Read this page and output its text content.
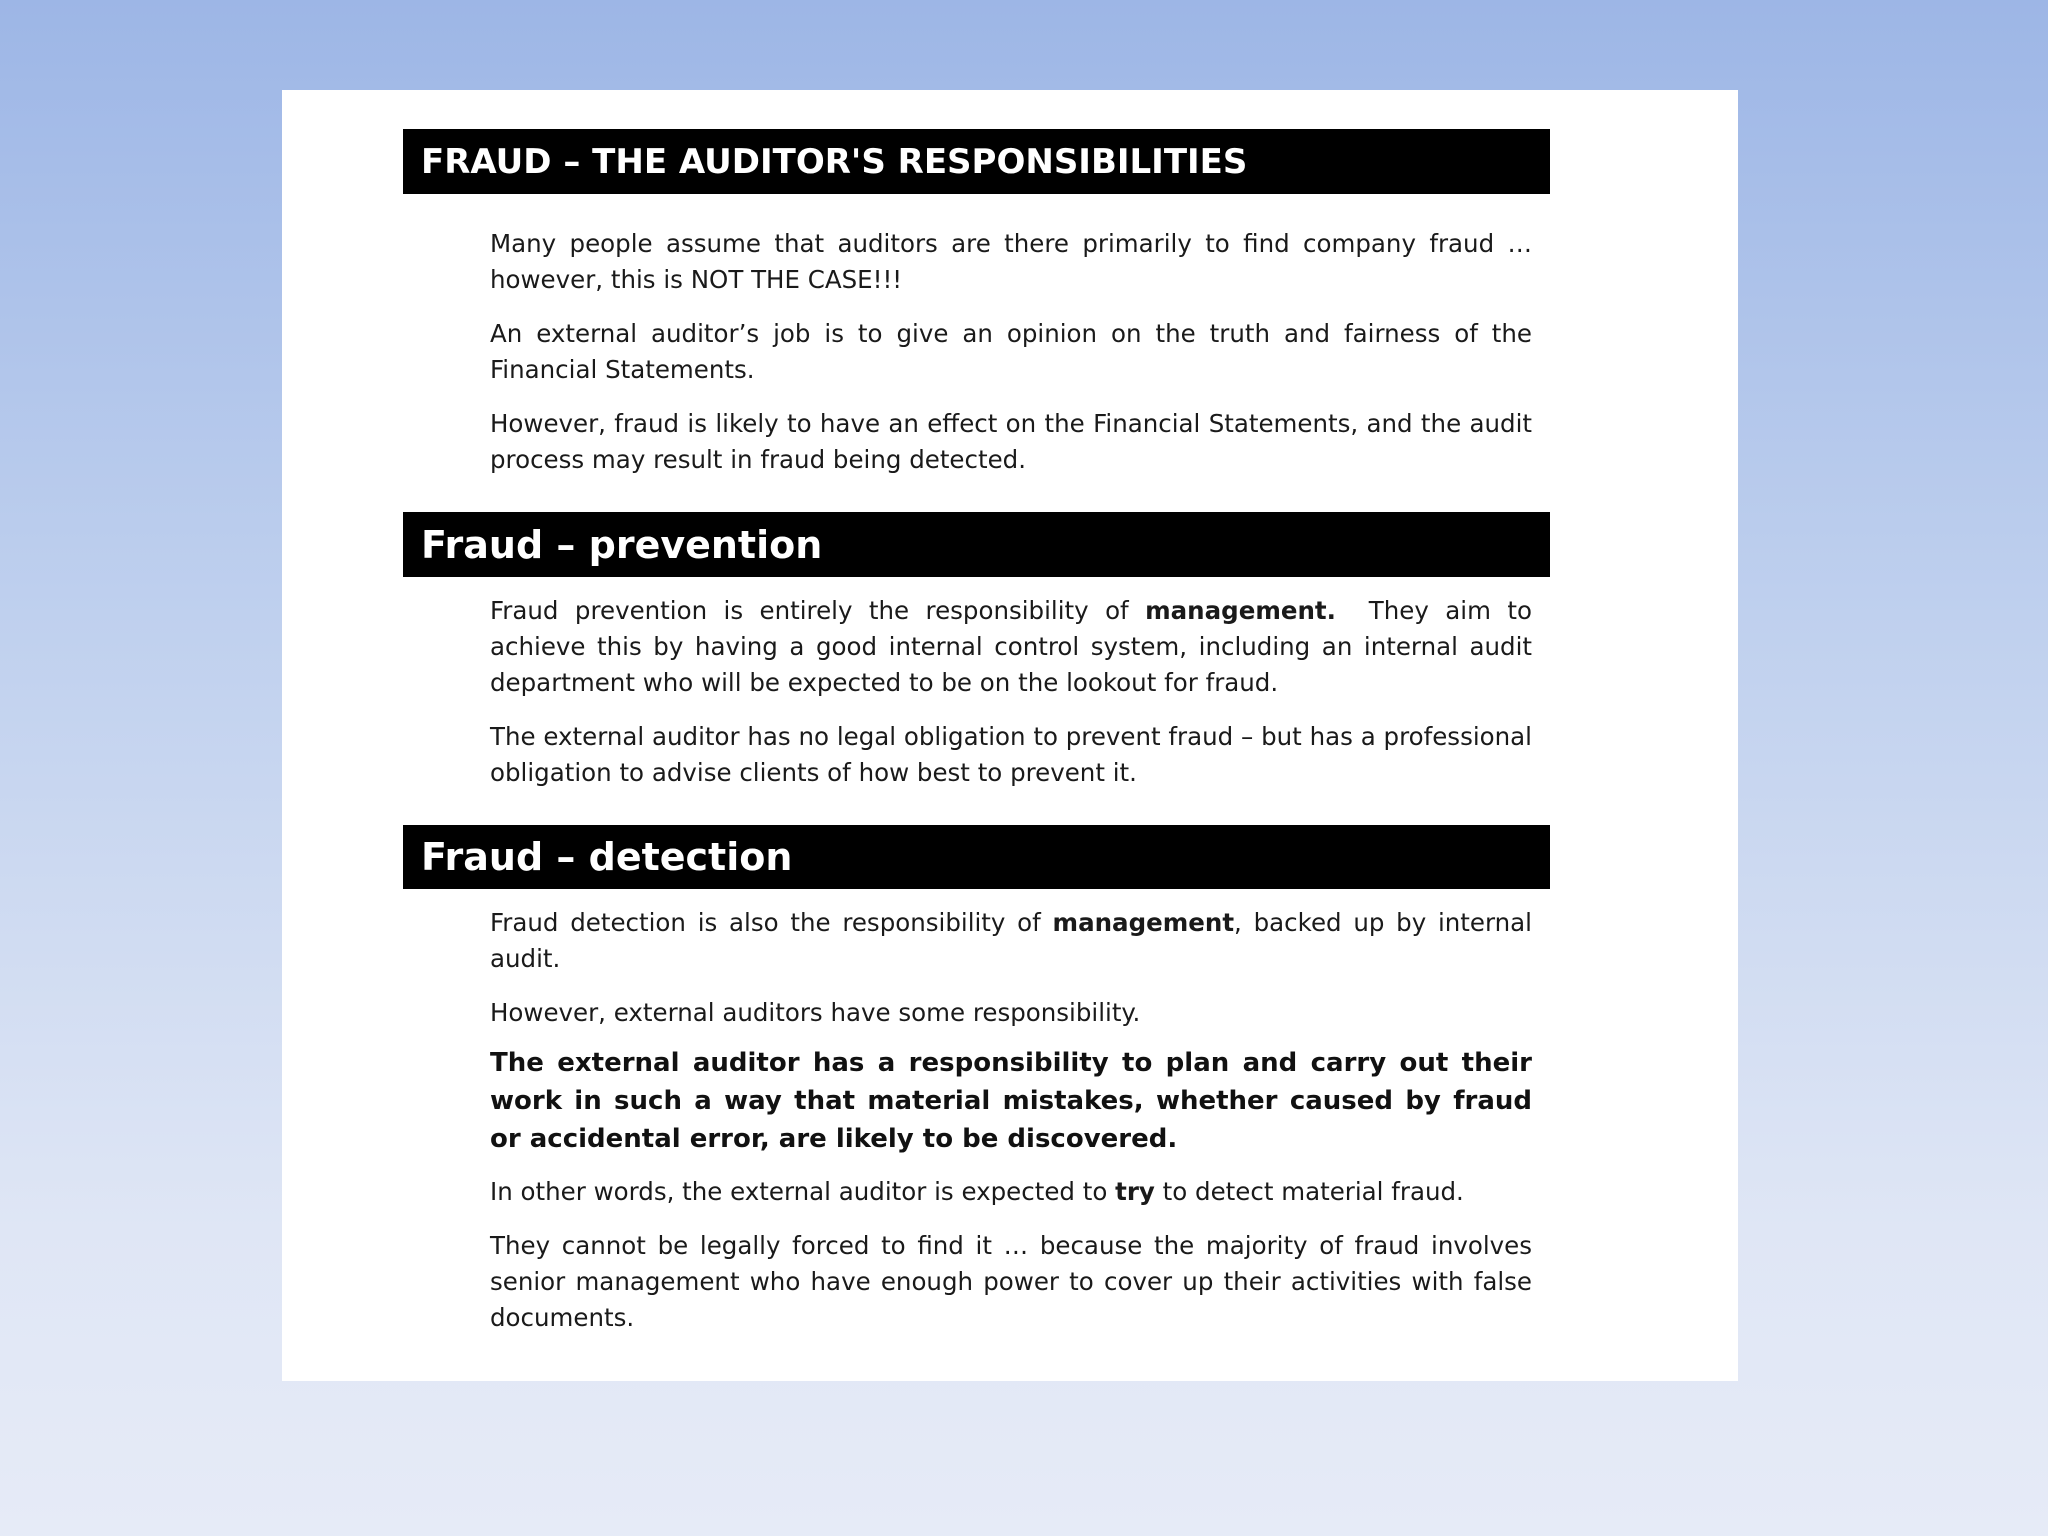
FRAUD – THE AUDITOR'S RESPONSIBILITIES

Many people assume that auditors are there primarily to find company fraud … however, this is NOT THE CASE!!!

An external auditor’s job is to give an opinion on the truth and fairness of the Financial Statements.

However, fraud is likely to have an effect on the Financial Statements, and the audit process may result in fraud being detected.

Fraud – prevention

Fraud prevention is entirely the responsibility of management.  They aim to achieve this by having a good internal control system, including an internal audit department who will be expected to be on the lookout for fraud.

The external auditor has no legal obligation to prevent fraud – but has a professional obligation to advise clients of how best to prevent it.

Fraud – detection

Fraud detection is also the responsibility of management, backed up by internal audit.

However, external auditors have some responsibility.

The external auditor has a responsibility to plan and carry out their work in such a way that material mistakes, whether caused by fraud or accidental error, are likely to be discovered.

In other words, the external auditor is expected to try to detect material fraud.

They cannot be legally forced to find it … because the majority of fraud involves senior management who have enough power to cover up their activities with false documents.
